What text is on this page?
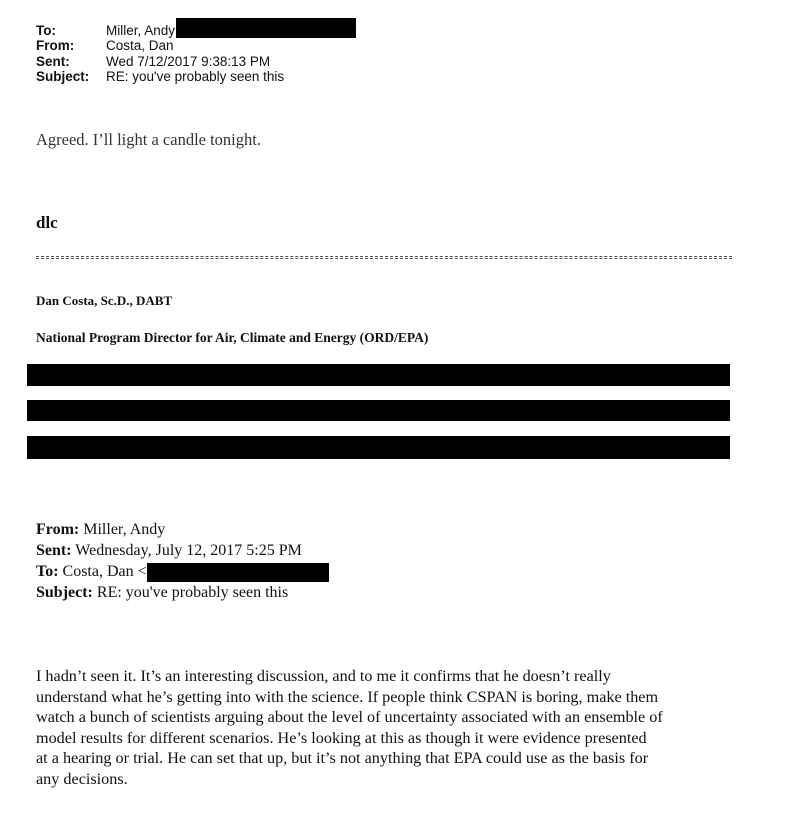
To:	Miller, Andy
From:	Costa, Dan
Sent:	Wed 7/12/2017 9:38:13 PM
Subject:	RE: you've probably seen this
Agreed. I’ll light a candle tonight.
dlc
Dan Costa, Sc.D., DABT
National Program Director for Air, Climate and Energy (ORD/EPA)
From: Miller, Andy
Sent: Wednesday, July 12, 2017 5:25 PM
To: Costa, Dan <
Subject: RE: you've probably seen this
I hadn’t seen it. It’s an interesting discussion, and to me it confirms that he doesn’t really
understand what he’s getting into with the science. If people think CSPAN is boring, make them
watch a bunch of scientists arguing about the level of uncertainty associated with an ensemble of
model results for different scenarios. He’s looking at this as though it were evidence presented
at a hearing or trial. He can set that up, but it’s not anything that EPA could use as the basis for
any decisions.
